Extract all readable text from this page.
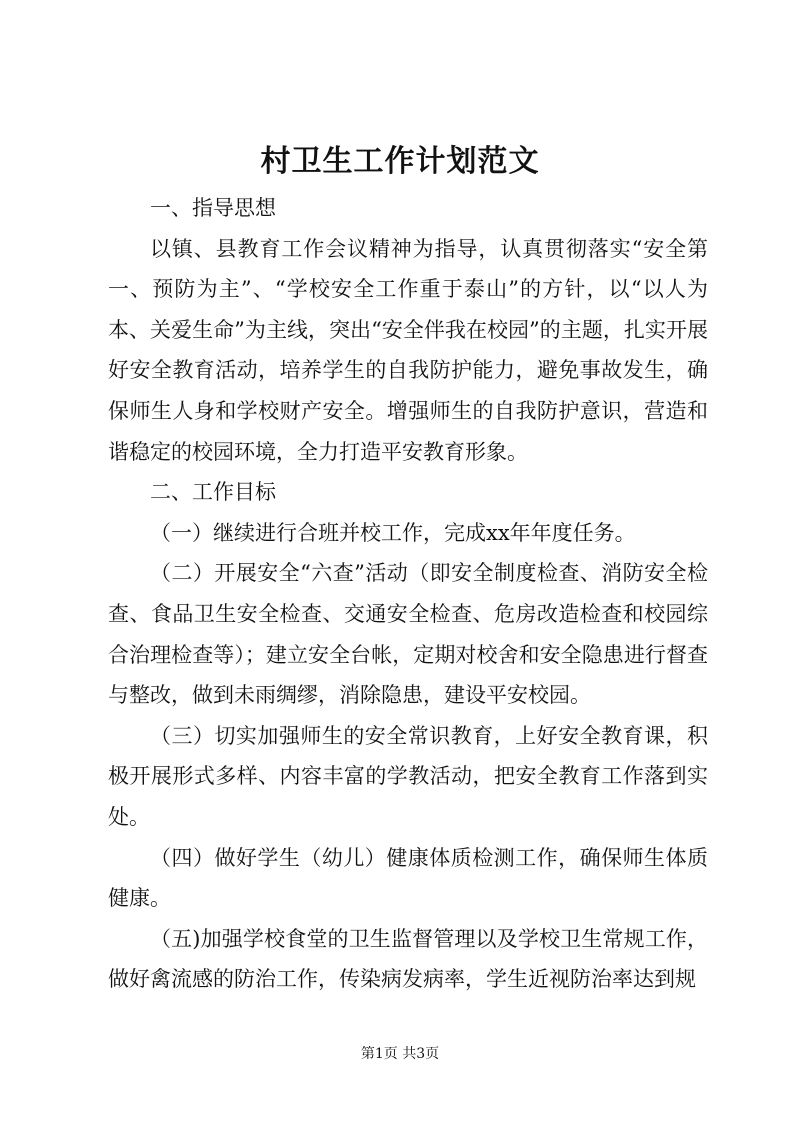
村卫生工作计划范文

一、指导思想

以镇、县教育工作会议精神为指导，认真贯彻落实“安全第一、预防为主”、“学校安全工作重于泰山”的方针，以“以人为本、关爱生命”为主线，突出“安全伴我在校园”的主题，扎实开展好安全教育活动，培养学生的自我防护能力，避免事故发生，确保师生人身和学校财产安全。增强师生的自我防护意识，营造和谐稳定的校园环境，全力打造平安教育形象。

二、工作目标

（一）继续进行合班并校工作，完成xx年年度任务。

（二）开展安全“六查”活动（即安全制度检查、消防安全检查、食品卫生安全检查、交通安全检查、危房改造检查和校园综合治理检查等）；建立安全台帐，定期对校舍和安全隐患进行督查与整改，做到未雨绸缪，消除隐患，建设平安校园。

（三）切实加强师生的安全常识教育，上好安全教育课，积极开展形式多样、内容丰富的学教活动，把安全教育工作落到实处。

（四）做好学生（幼儿）健康体质检测工作，确保师生体质健康。

（五)加强学校食堂的卫生监督管理以及学校卫生常规工作，做好禽流感的防治工作，传染病发病率，学生近视防治率达到规

第1页 共3页
